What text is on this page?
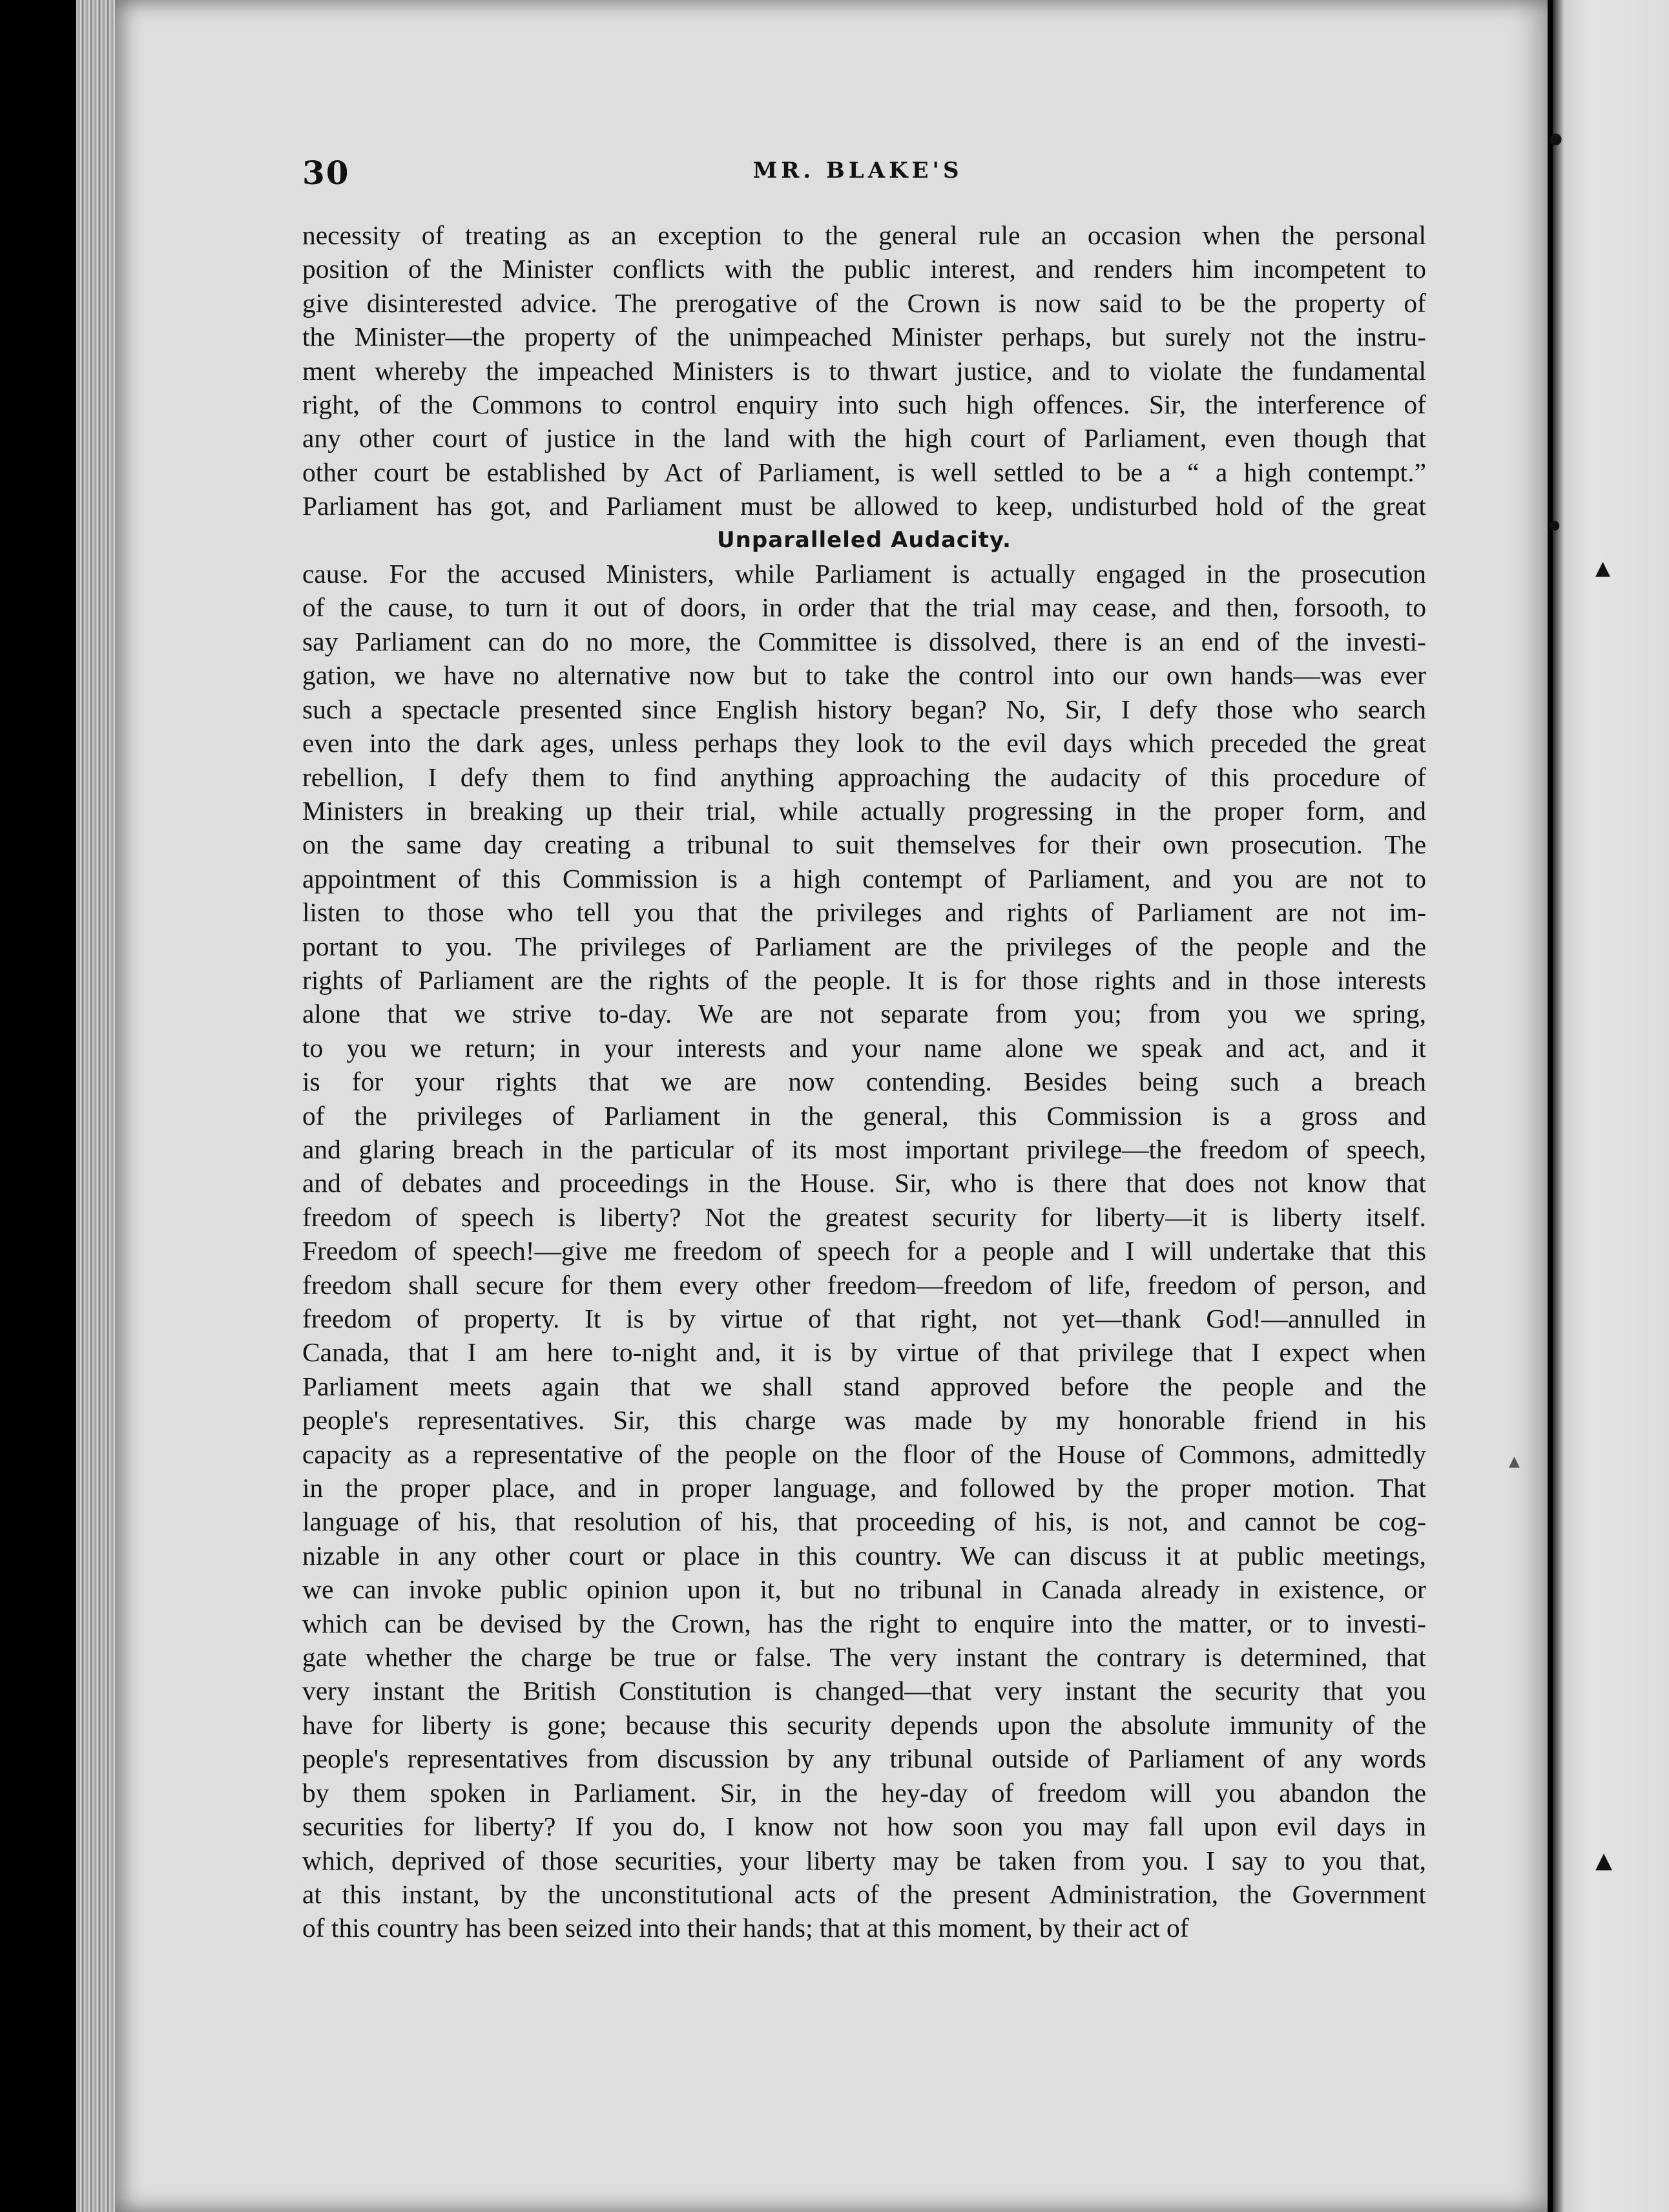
30	MR. BLAKE'S

necessity of treating as an exception to the general rule an occasion when the personal

position of the Minister conflicts with the public interest, and renders him incompetent to

give disinterested advice. The prerogative of the Crown is now said to be the property of

the Minister—the property of the unimpeached Minister perhaps, but surely not the instru-

ment whereby the impeached Ministers is to thwart justice, and to violate the fundamental

right, of the Commons to control enquiry into such high offences. Sir, the interference of

any other court of justice in the land with the high court of Parliament, even though that

other court be established by Act of Parliament, is well settled to be a “ a high contempt.”

Parliament has got, and Parliament must be allowed to keep, undisturbed hold of the great

Unparalleled Audacity.

cause. For the accused Ministers, while Parliament is actually engaged in the prosecution

of the cause, to turn it out of doors, in order that the trial may cease, and then, forsooth, to

say Parliament can do no more, the Committee is dissolved, there is an end of the investi-

gation, we have no alternative now but to take the control into our own hands—was ever

such a spectacle presented since English history began? No, Sir, I defy those who search

even into the dark ages, unless perhaps they look to the evil days which preceded the great

rebellion, I defy them to find anything approaching the audacity of this procedure of

Ministers in breaking up their trial, while actually progressing in the proper form, and

on the same day creating a tribunal to suit themselves for their own prosecution. The

appointment of this Commission is a high contempt of Parliament, and you are not to

listen to those who tell you that the privileges and rights of Parliament are not im-

portant to you. The privileges of Parliament are the privileges of the people and the

rights of Parliament are the rights of the people. It is for those rights and in those interests

alone that we strive to-day. We are not separate from you; from you we spring,

to you we return; in your interests and your name alone we speak and act, and it

is for your rights that we are now contending. Besides being such a breach

of the privileges of Parliament in the general, this Commission is a gross and

and glaring breach in the particular of its most important privilege—the freedom of speech,

and of debates and proceedings in the House. Sir, who is there that does not know that

freedom of speech is liberty? Not the greatest security for liberty—it is liberty itself.

Freedom of speech!—give me freedom of speech for a people and I will undertake that this

freedom shall secure for them every other freedom—freedom of life, freedom of person, and

freedom of property. It is by virtue of that right, not yet—thank God!—annulled in

Canada, that I am here to-night and, it is by virtue of that privilege that I expect when

Parliament meets again that we shall stand approved before the people and the

people's representatives. Sir, this charge was made by my honorable friend in his

capacity as a representative of the people on the floor of the House of Commons, admittedly

in the proper place, and in proper language, and followed by the proper motion. That

language of his, that resolution of his, that proceeding of his, is not, and cannot be cog-

nizable in any other court or place in this country. We can discuss it at public meetings,

we can invoke public opinion upon it, but no tribunal in Canada already in existence, or

which can be devised by the Crown, has the right to enquire into the matter, or to investi-

gate whether the charge be true or false. The very instant the contrary is determined, that

very instant the British Constitution is changed—that very instant the security that you

have for liberty is gone; because this security depends upon the absolute immunity of the

people's representatives from discussion by any tribunal outside of Parliament of any words

by them spoken in Parliament. Sir, in the hey-day of freedom will you abandon the

securities for liberty? If you do, I know not how soon you may fall upon evil days in

which, deprived of those securities, your liberty may be taken from you. I say to you that,

at this instant, by the unconstitutional acts of the present Administration, the Government

of this country has been seized into their hands; that at this moment, by their act of

●
▲
●
▲
▲
